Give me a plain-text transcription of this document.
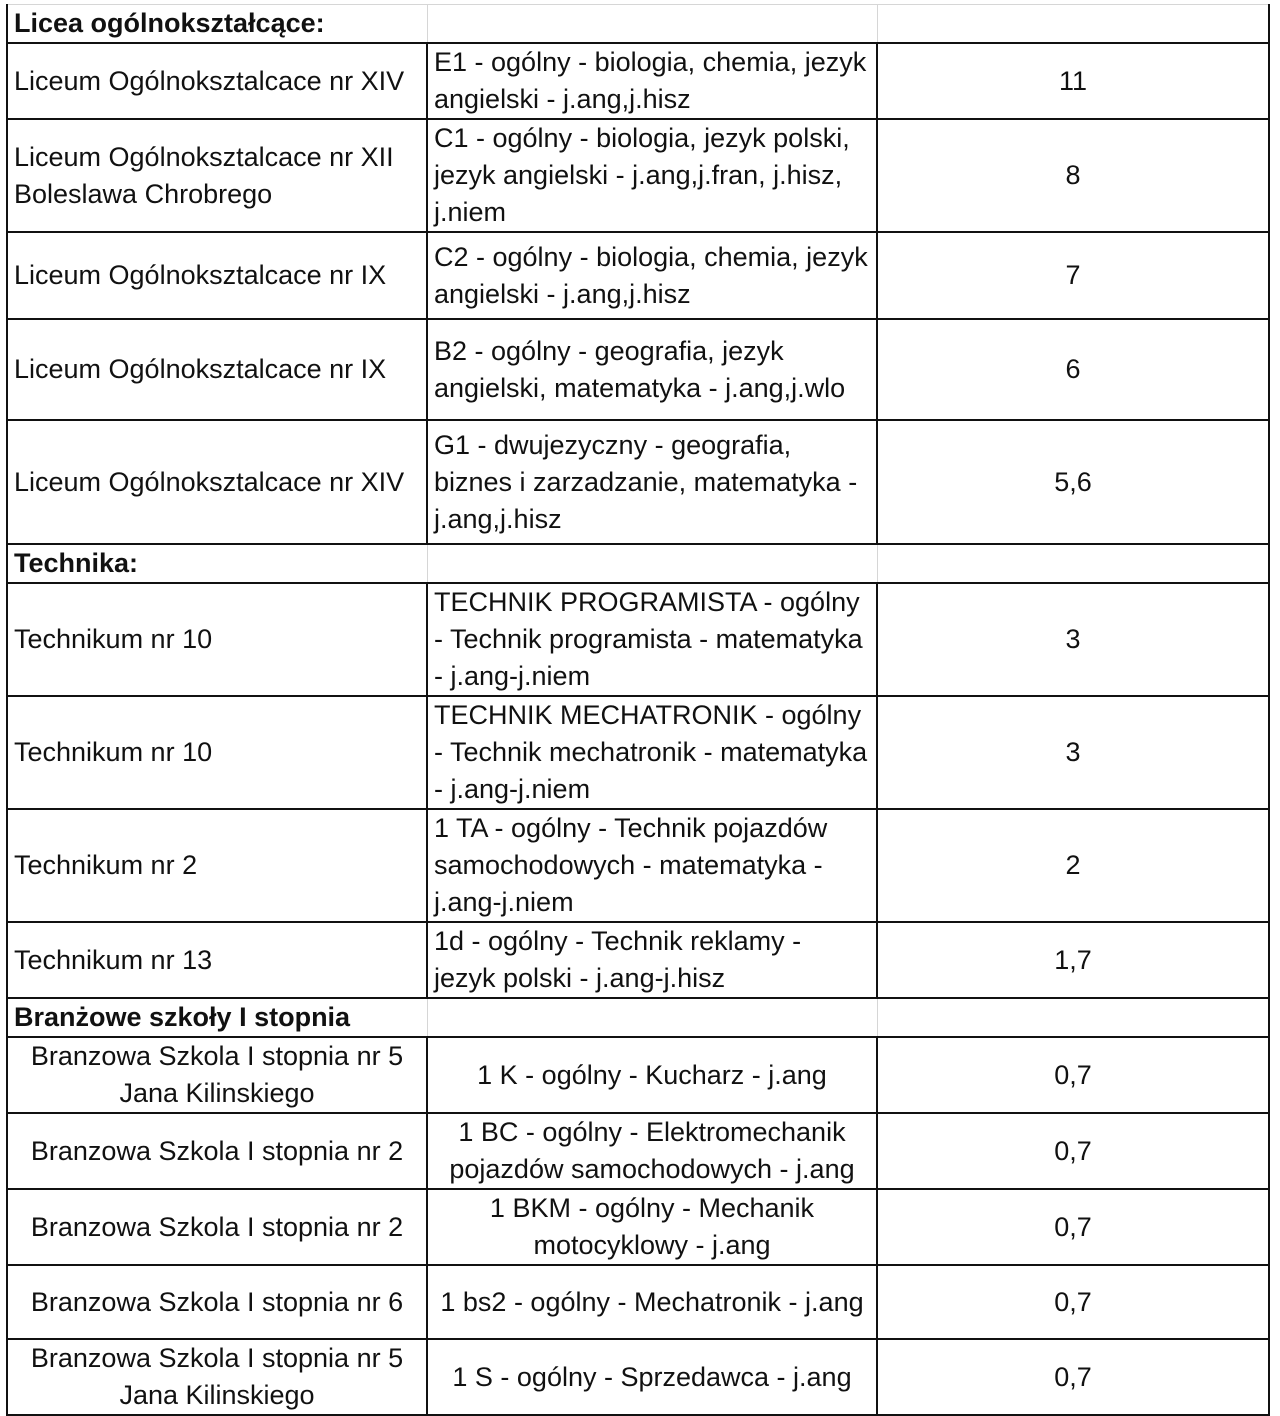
Licea ogólnokształcące:		
Liceum Ogólnoksztalcace nr XIV	E1 - ogólny - biologia, chemia, jezyk angielski - j.ang,j.hisz	11
Liceum Ogólnoksztalcace nr XII Boleslawa Chrobrego	C1 - ogólny - biologia, jezyk polski, jezyk angielski - j.ang,j.fran, j.hisz, j.niem	8
Liceum Ogólnoksztalcace nr IX	C2 - ogólny - biologia, chemia, jezyk angielski - j.ang,j.hisz	7
Liceum Ogólnoksztalcace nr IX	B2 - ogólny - geografia, jezyk angielski, matematyka - j.ang,j.wlo	6
Liceum Ogólnoksztalcace nr XIV	G1 - dwujezyczny - geografia, biznes i zarzadzanie, matematyka - j.ang,j.hisz	5,6
Technika:		
Technikum nr 10	TECHNIK PROGRAMISTA - ogólny - Technik programista - matematyka - j.ang-j.niem	3
Technikum nr 10	TECHNIK MECHATRONIK - ogólny - Technik mechatronik - matematyka - j.ang-j.niem	3
Technikum nr 2	1 TA - ogólny - Technik pojazdów samochodowych - matematyka - j.ang-j.niem	2
Technikum nr 13	1d - ogólny - Technik reklamy - jezyk polski - j.ang-j.hisz	1,7
Branżowe szkoły I stopnia		
Branzowa Szkola I stopnia nr 5 Jana Kilinskiego	1 K - ogólny - Kucharz - j.ang	0,7
Branzowa Szkola I stopnia nr 2	1 BC - ogólny - Elektromechanik pojazdów samochodowych - j.ang	0,7
Branzowa Szkola I stopnia nr 2	1 BKM - ogólny - Mechanik motocyklowy - j.ang	0,7
Branzowa Szkola I stopnia nr 6	1 bs2 - ogólny - Mechatronik - j.ang	0,7
Branzowa Szkola I stopnia nr 5 Jana Kilinskiego	1 S - ogólny - Sprzedawca - j.ang	0,7
